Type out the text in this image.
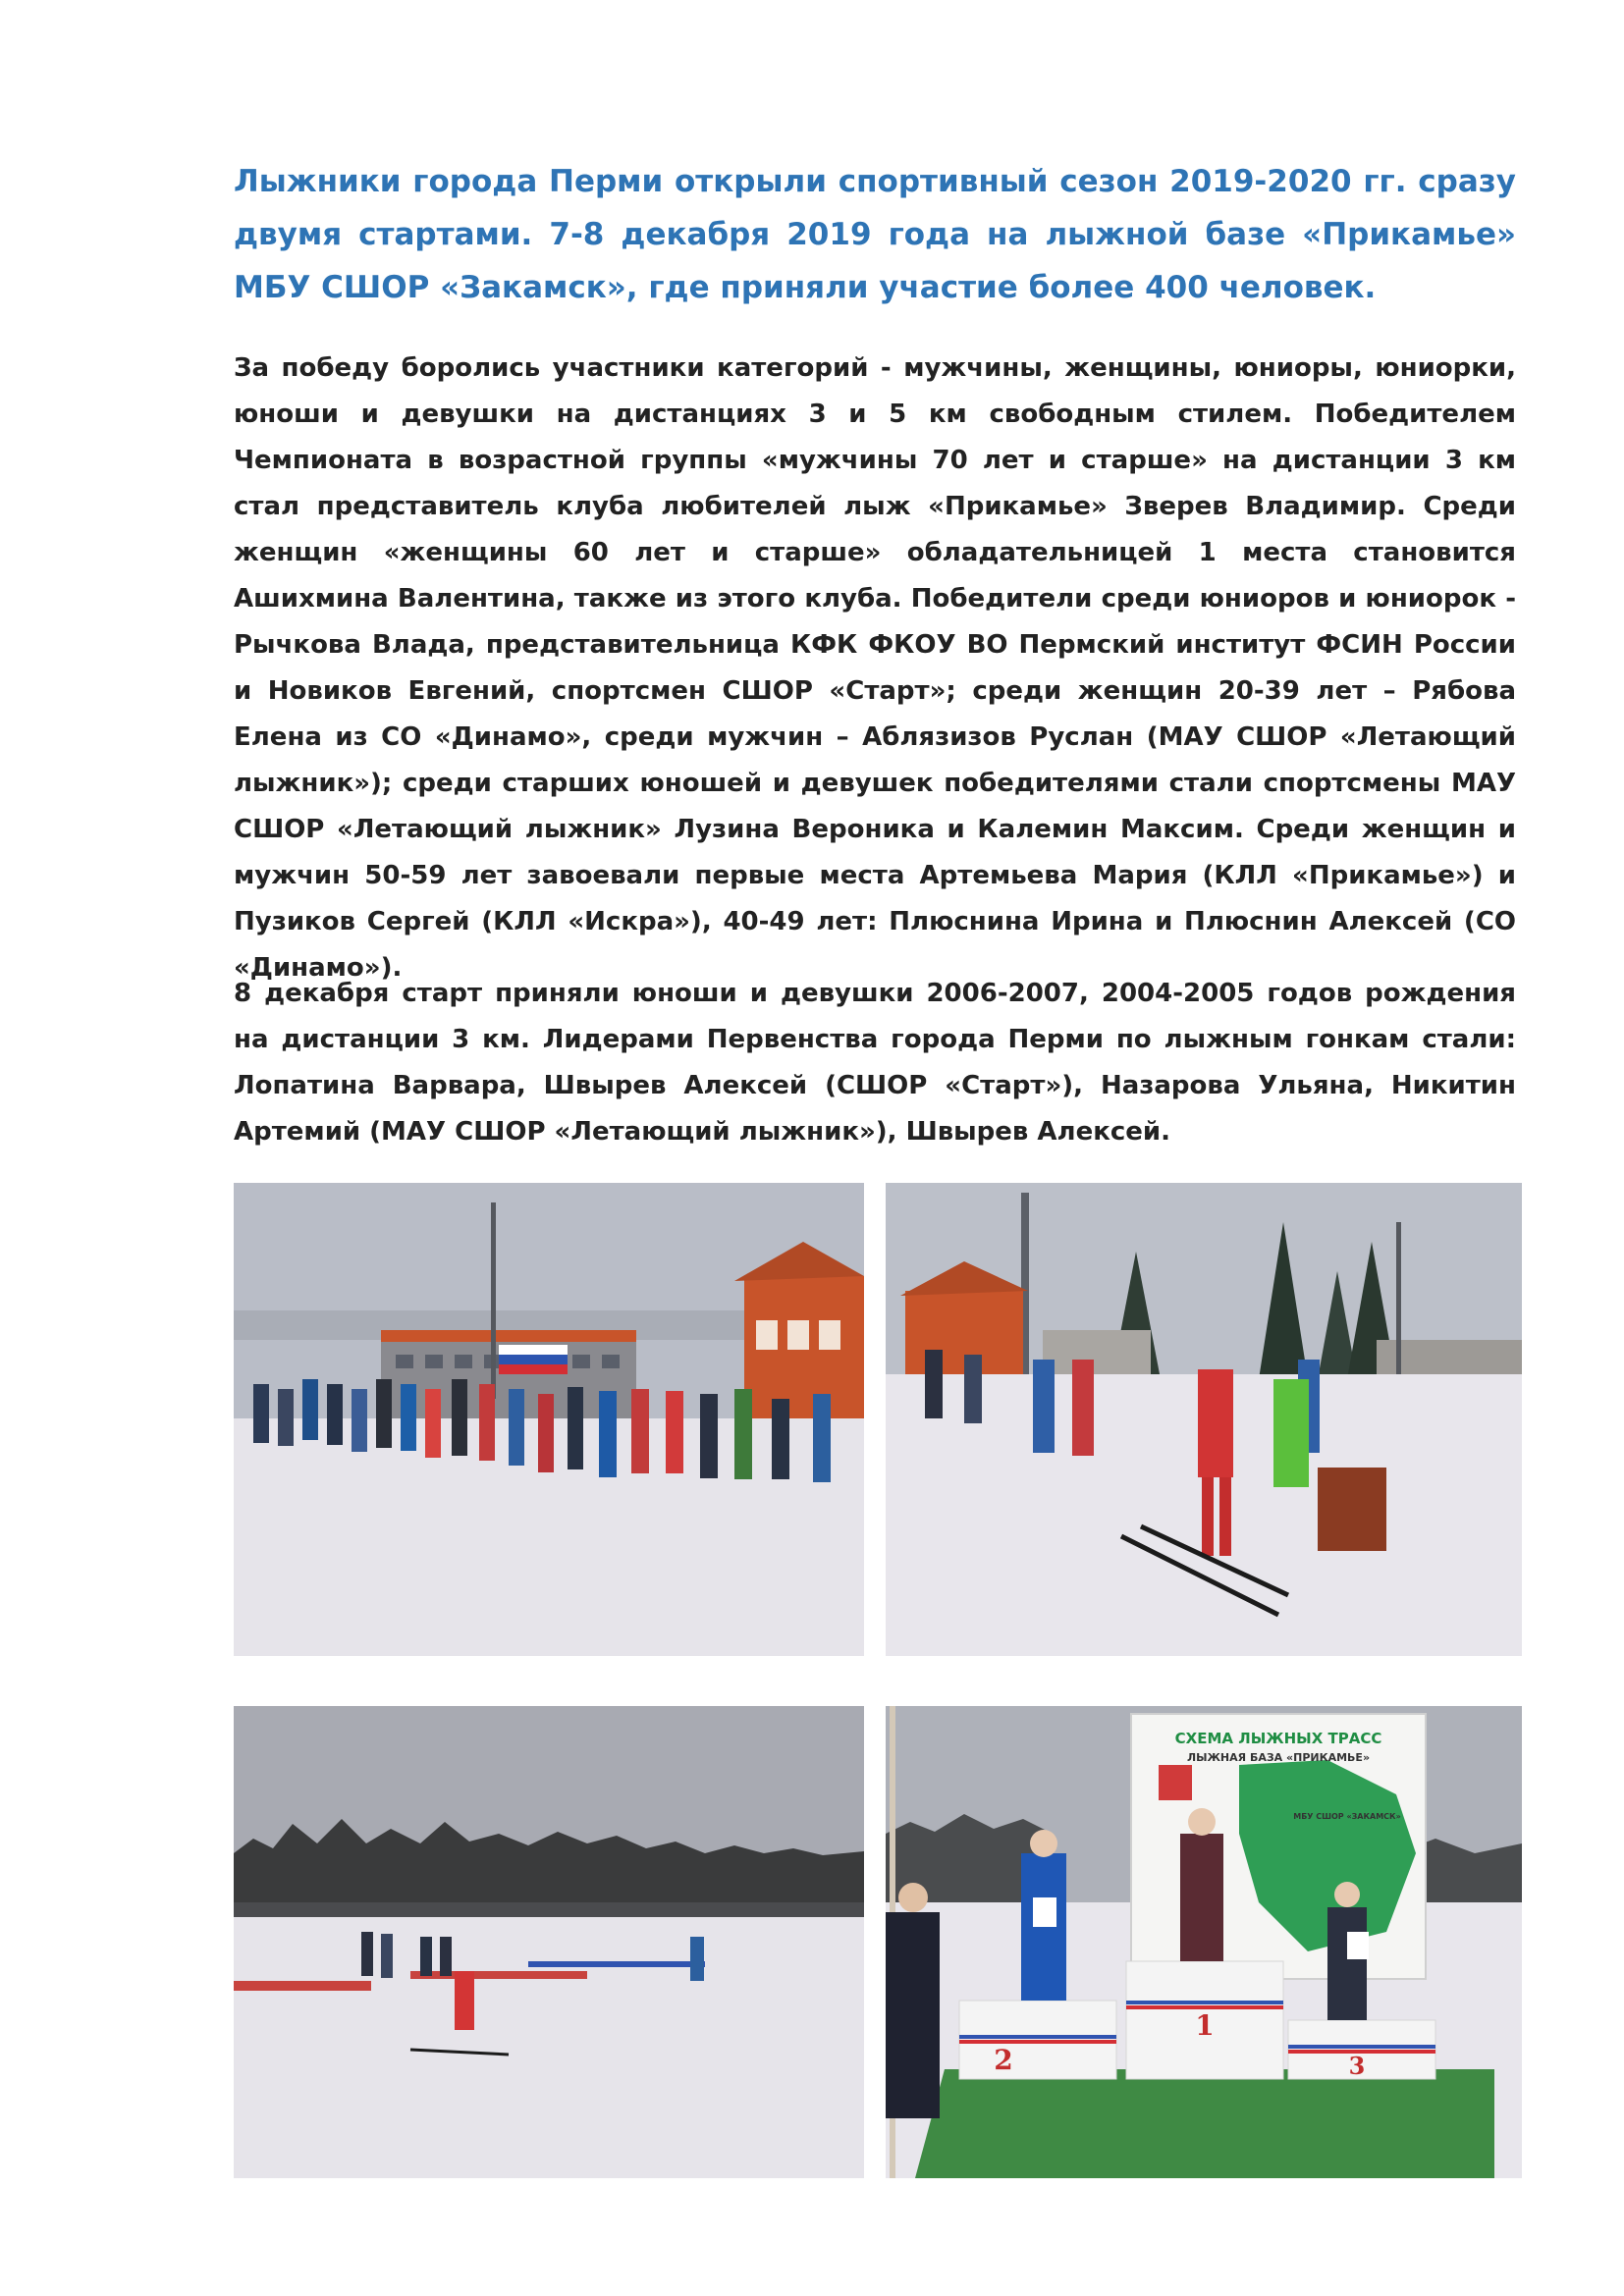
Лыжники города Перми открыли спортивный сезон 2019-2020 гг. сразу двумя стартами. 7-8 декабря 2019 года на лыжной базе «Прикамье» МБУ СШОР «Закамск», где приняли участие более 400 человек.

За победу боролись участники категорий - мужчины, женщины, юниоры, юниорки, юноши и девушки на дистанциях 3 и 5 км свободным стилем. Победителем Чемпионата в возрастной группы «мужчины 70 лет и старше» на дистанции 3 км стал представитель клуба любителей лыж «Прикамье» Зверев Владимир. Среди женщин «женщины 60 лет и старше» обладательницей 1 места становится Ашихмина Валентина, также из этого клуба. Победители среди юниоров и юниорок - Рычкова Влада, представительница КФК ФКОУ ВО Пермский институт ФСИН России и Новиков Евгений, спортсмен СШОР «Старт»; среди женщин 20-39 лет – Рябова Елена из СО «Динамо», среди мужчин – Аблязизов Руслан (МАУ СШОР «Летающий лыжник»); среди старших юношей и девушек победителями стали спортсмены МАУ СШОР «Летающий лыжник» Лузина Вероника и Калемин Максим. Среди женщин и мужчин 50-59 лет завоевали первые места Артемьева Мария (КЛЛ «Прикамье») и Пузиков Сергей (КЛЛ «Искра»), 40-49 лет: Плюснина Ирина и Плюснин Алексей (СО «Динамо»).

8 декабря старт приняли юноши и девушки 2006-2007, 2004-2005 годов рождения на дистанции 3 км. Лидерами Первенства города Перми по лыжным гонкам стали: Лопатина Варвара, Швырев Алексей (СШОР «Старт»), Назарова Ульяна, Никитин Артемий (МАУ СШОР «Летающий лыжник»), Швырев Алексей.

СХЕМА ЛЫЖНЫХ ТРАСС
ЛЫЖНАЯ БАЗА «ПРИКАМЬЕ»
МБУ СШОР «ЗАКАМСК»
2
1
3
